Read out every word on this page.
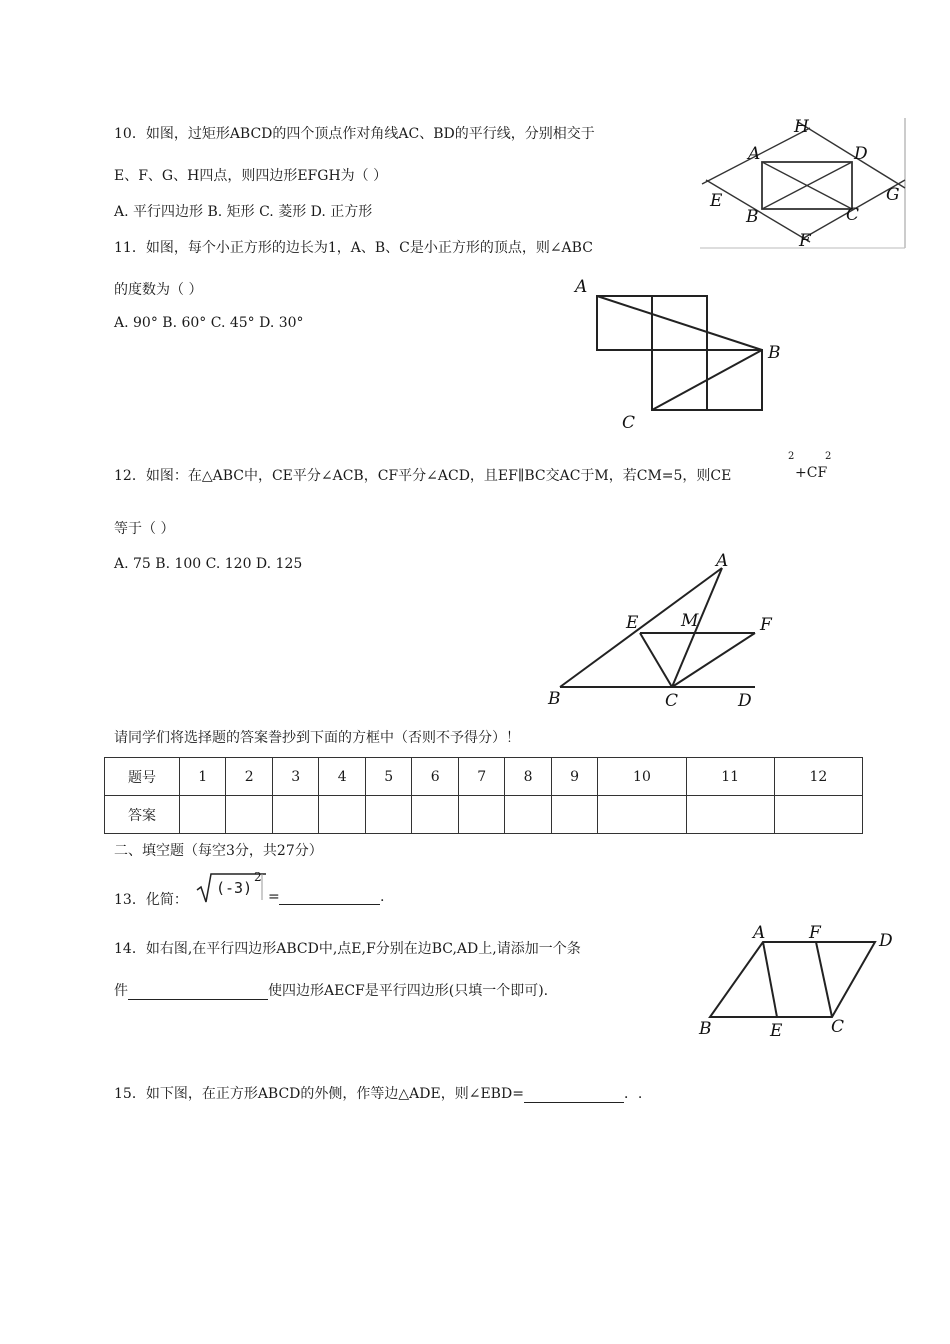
10．如图，过矩形ABCD的四个顶点作对角线AC、BD的平行线，分别相交于
E、F、G、H四点，则四边形EFGH为（ ）
A. 平行四边形 B. 矩形 C. 菱形 D. 正方形
H
A	D
E
B	C
G
F
11．如图，每个小正方形的边长为1，A、B、C是小正方形的顶点，则∠ABC
的度数为（ ）
A. 90° B. 60° C. 45° D. 30°
A
B
C
12．如图：在△ABC中，CE平分∠ACB，CF平分∠ACD，且EF∥BC交AC于M，若CM=5，则CE
2
+CF
2
等于（ ）
A. 75 B. 100 C. 120 D. 125	A
E	M	F
B	C	D
请同学们将选择题的答案誊抄到下面的方框中（否则不予得分）！
题号	1	2	3	4	5	6	7	8	9	10	11	12
答案												
二、填空题（每空3分，共27分）
13．化简：
(-3)
2
=	.
14．如右图,在平行四边形ABCD中,点E,F分别在边BC,AD上,请添加一个条
件	使四边形AECF是平行四边形(只填一个即可).
A	F	D
B	E	C
15．如下图，在正方形ABCD的外侧，作等边△ADE，则∠EBD=	．.
